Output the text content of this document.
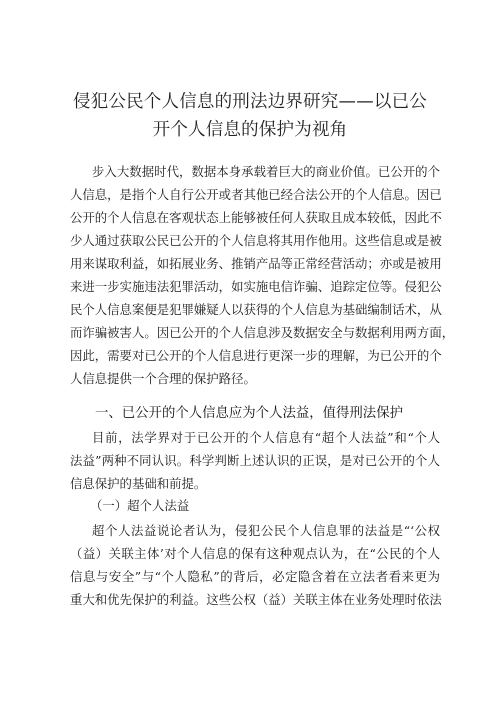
侵犯公民个人信息的刑法边界研究——以已公
开个人信息的保护为视角
步入大数据时代，数据本身承载着巨大的商业价值。已公开的个
人信息，是指个人自行公开或者其他已经合法公开的个人信息。因已
公开的个人信息在客观状态上能够被任何人获取且成本较低，因此不
少人通过获取公民已公开的个人信息将其用作他用。这些信息或是被
用来谋取利益，如拓展业务、推销产品等正常经营活动；亦或是被用
来进一步实施违法犯罪活动，如实施电信诈骗、追踪定位等。侵犯公
民个人信息案便是犯罪嫌疑人以获得的个人信息为基础编制话术，从
而诈骗被害人。因已公开的个人信息涉及数据安全与数据利用两方面，
因此，需要对已公开的个人信息进行更深一步的理解，为已公开的个
人信息提供一个合理的保护路径。
一、已公开的个人信息应为个人法益，值得刑法保护
目前，法学界对于已公开的个人信息有“超个人法益”和“个人
法益”两种不同认识。科学判断上述认识的正误，是对已公开的个人
信息保护的基础和前提。
（一）超个人法益
超个人法益说论者认为，侵犯公民个人信息罪的法益是“‘公权
（益）关联主体’对个人信息的保有这种观点认为，在“公民的个人
信息与安全”与“个人隐私”的背后，必定隐含着在立法者看来更为
重大和优先保护的利益。这些公权（益）关联主体在业务处理时依法
